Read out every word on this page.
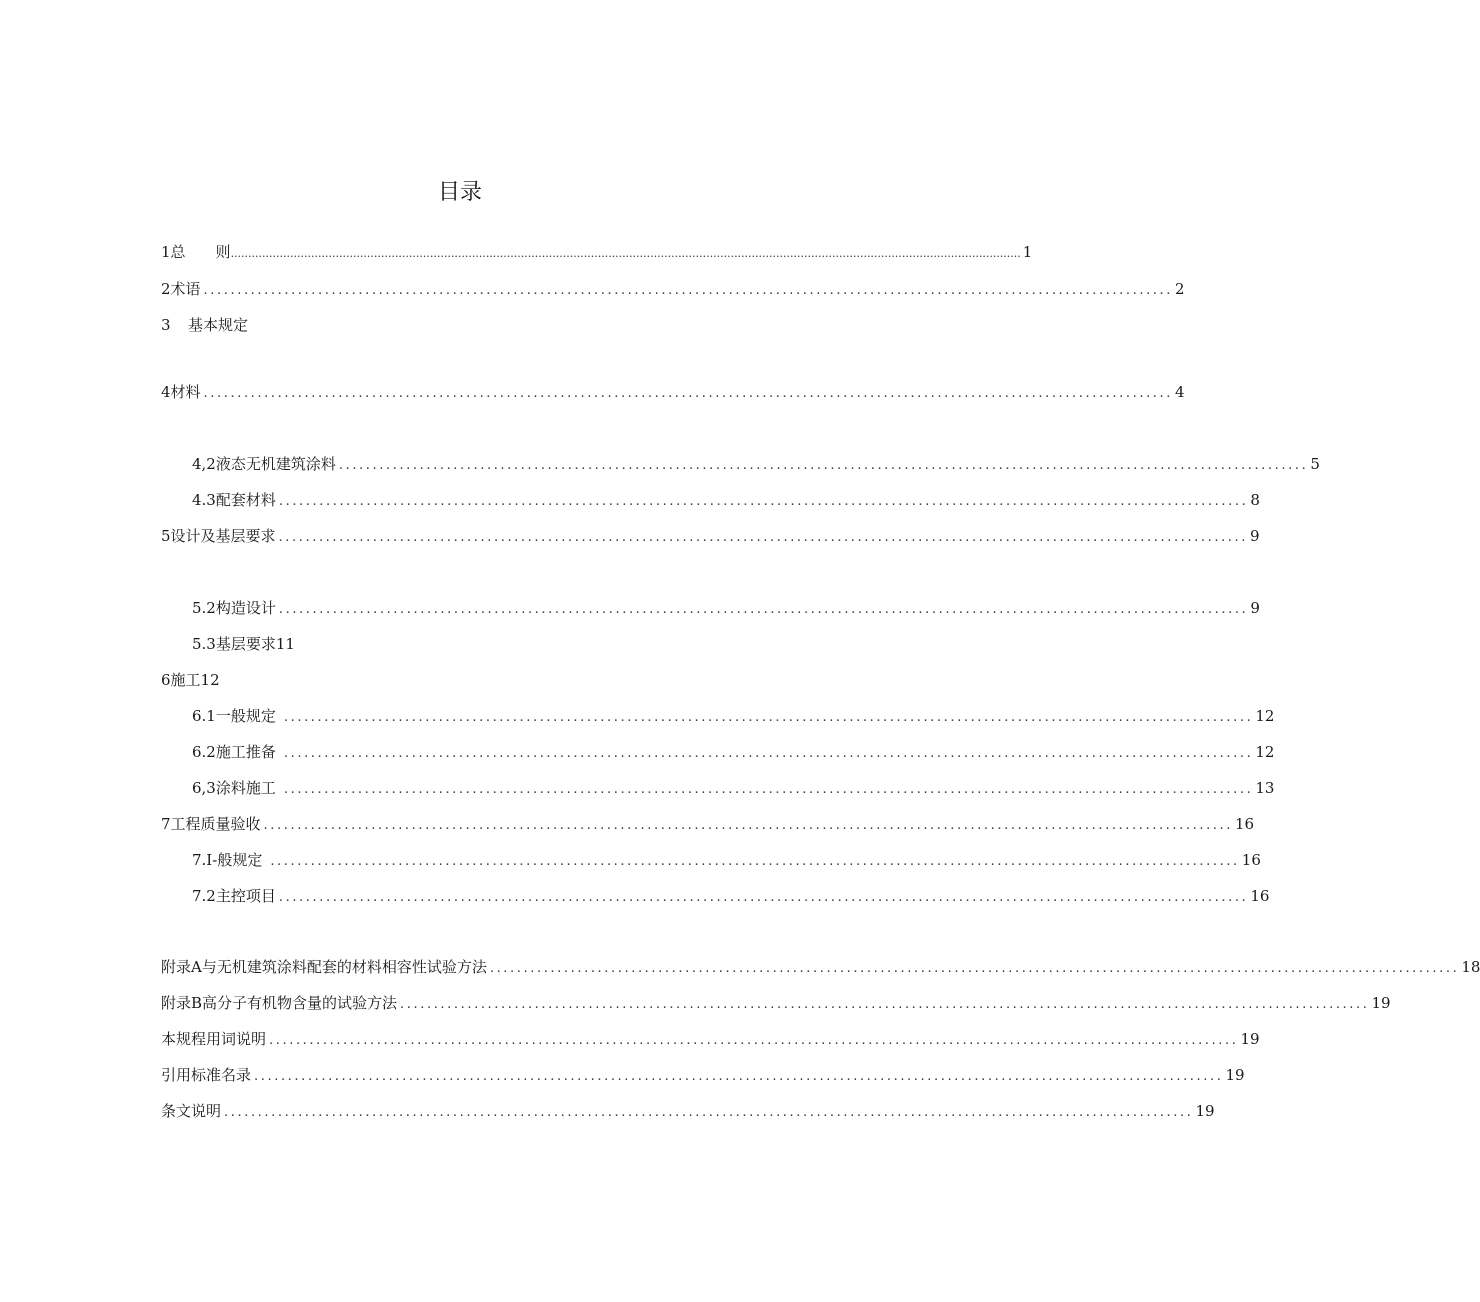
目录
1 总　　则 .................................................................................................................................................................................................................................. 1
2术语 ................................................................................................................................................ 2
3	基本规定
4材料 ................................................................................................................................................ 4
4,2液态无机建筑涂料 ................................................................................................................................................ 5
4.3配套材料 ................................................................................................................................................ 8
5设计及基层要求 ................................................................................................................................................ 9
5.2构造设计 ................................................................................................................................................ 9
5.3基层要求11
6施工12
6.1 一般规定 ................................................................................................................................................ 12
6.2 施工推备 ................................................................................................................................................ 12
6,3 涂料施工 ................................................................................................................................................ 13
7工程质量验收 ................................................................................................................................................ 16
7.I -般规定 ................................................................................................................................................ 16
7.2主控项目 ................................................................................................................................................ 16
附录A与无机建筑涂料配套的材料相容性试验方法 ................................................................................................................................................ 18
附录B高分子有机物含量的试验方法 ................................................................................................................................................ 19
本规程用词说明 ................................................................................................................................................ 19
引用标准名录 ................................................................................................................................................ 19
条文说明 ................................................................................................................................................ 19
